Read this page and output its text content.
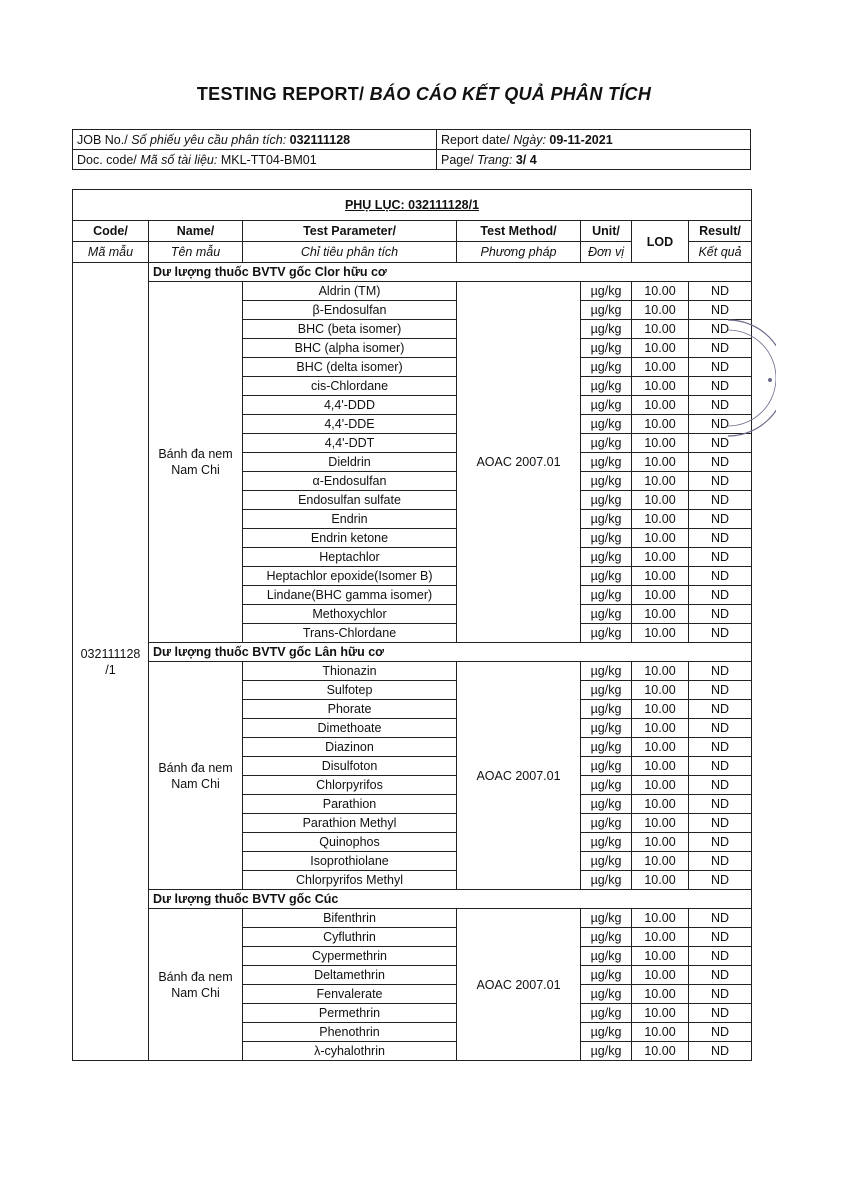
TESTING REPORT/ BÁO CÁO KẾT QUẢ PHÂN TÍCH
JOB No./ Số phiếu yêu cầu phân tích: 032111128	Report date/ Ngày: 09-11-2021
Doc. code/ Mã số tài liệu: MKL-TT04-BM01	Page/ Trang: 3/ 4
PHỤ LỤC: 032111128/1						
Code/	Name/	Test Parameter/	Test Method/	Unit/	LOD	Result/
Mã mẫu	Tên mẫu	Chỉ tiêu phân tích	Phương pháp	Đơn vị		Kết quả
032111128 /1	Dư lượng thuốc BVTV gốc Clor hữu cơ					
	Bánh đa nem Nam Chi	Aldrin (TM)	AOAC 2007.01	µg/kg	10.00	ND
		β-Endosulfan		µg/kg	10.00	ND
		BHC (beta isomer)		µg/kg	10.00	ND
		BHC (alpha isomer)		µg/kg	10.00	ND
		BHC (delta isomer)		µg/kg	10.00	ND
		cis-Chlordane		µg/kg	10.00	ND
		4,4'-DDD		µg/kg	10.00	ND
		4,4'-DDE		µg/kg	10.00	ND
		4,4'-DDT		µg/kg	10.00	ND
		Dieldrin		µg/kg	10.00	ND
		α-Endosulfan		µg/kg	10.00	ND
		Endosulfan sulfate		µg/kg	10.00	ND
		Endrin		µg/kg	10.00	ND
		Endrin ketone		µg/kg	10.00	ND
		Heptachlor		µg/kg	10.00	ND
		Heptachlor epoxide(Isomer B)		µg/kg	10.00	ND
		Lindane(BHC gamma isomer)		µg/kg	10.00	ND
		Methoxychlor		µg/kg	10.00	ND
		Trans-Chlordane		µg/kg	10.00	ND
	Dư lượng thuốc BVTV gốc Lân hữu cơ					
	Bánh đa nem Nam Chi	Thionazin	AOAC 2007.01	µg/kg	10.00	ND
		Sulfotep		µg/kg	10.00	ND
		Phorate		µg/kg	10.00	ND
		Dimethoate		µg/kg	10.00	ND
		Diazinon		µg/kg	10.00	ND
		Disulfoton		µg/kg	10.00	ND
		Chlorpyrifos		µg/kg	10.00	ND
		Parathion		µg/kg	10.00	ND
		Parathion Methyl		µg/kg	10.00	ND
		Quinophos		µg/kg	10.00	ND
		Isoprothiolane		µg/kg	10.00	ND
		Chlorpyrifos Methyl		µg/kg	10.00	ND
	Dư lượng thuốc BVTV gốc Cúc					
	Bánh đa nem Nam Chi	Bifenthrin	AOAC 2007.01	µg/kg	10.00	ND
		Cyfluthrin		µg/kg	10.00	ND
		Cypermethrin		µg/kg	10.00	ND
		Deltamethrin		µg/kg	10.00	ND
		Fenvalerate		µg/kg	10.00	ND
		Permethrin		µg/kg	10.00	ND
		Phenothrin		µg/kg	10.00	ND
		λ-cyhalothrin		µg/kg	10.00	ND
